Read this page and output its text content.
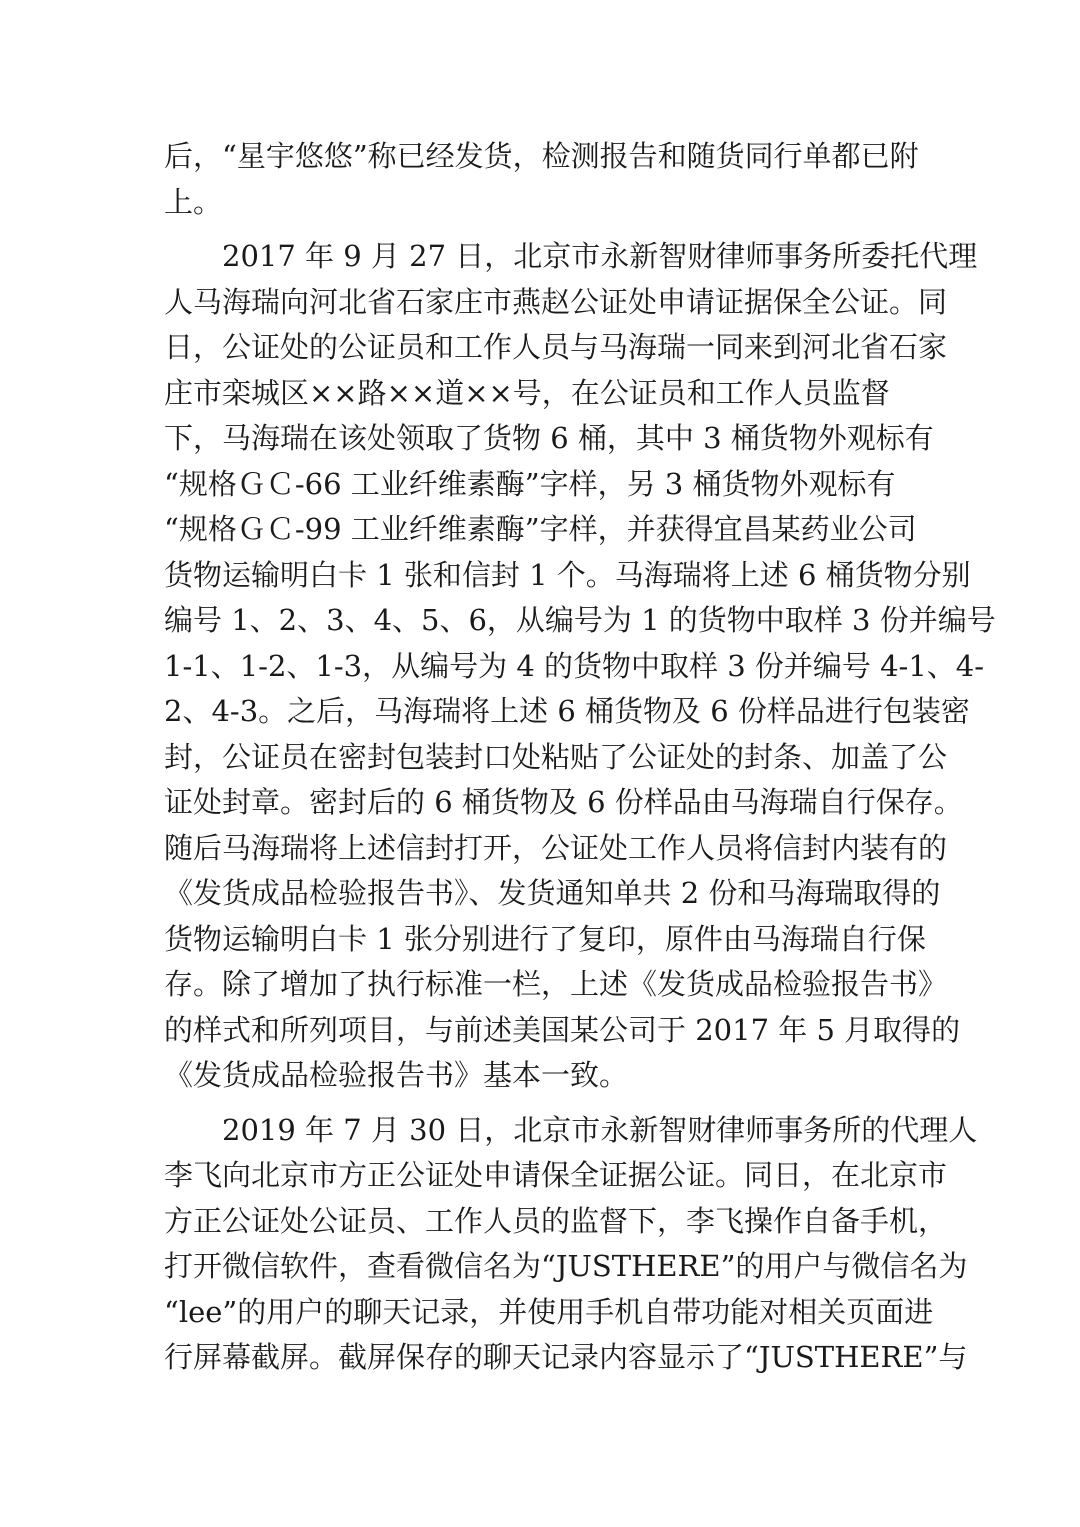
后，“星宇悠悠”称已经发货，检测报告和随货同行单都已附
上。
　　2017 年 9 月 27 日，北京市永新智财律师事务所委托代理
人马海瑞向河北省石家庄市燕赵公证处申请证据保全公证。同
日，公证处的公证员和工作人员与马海瑞一同来到河北省石家
庄市栾城区××路××道××号，在公证员和工作人员监督
下，马海瑞在该处领取了货物 6 桶，其中 3 桶货物外观标有
“规格ＧＣ-66 工业纤维素酶”字样，另 3 桶货物外观标有
“规格ＧＣ-99 工业纤维素酶”字样，并获得宜昌某药业公司
货物运输明白卡 1 张和信封 1 个。马海瑞将上述 6 桶货物分别
编号 1、2、3、4、5、6，从编号为 1 的货物中取样 3 份并编号
1-1、1-2、1-3，从编号为 4 的货物中取样 3 份并编号 4-1、4-
2、4-3。之后，马海瑞将上述 6 桶货物及 6 份样品进行包装密
封，公证员在密封包装封口处粘贴了公证处的封条、加盖了公
证处封章。密封后的 6 桶货物及 6 份样品由马海瑞自行保存。
随后马海瑞将上述信封打开，公证处工作人员将信封内装有的
《发货成品检验报告书》、发货通知单共 2 份和马海瑞取得的
货物运输明白卡 1 张分别进行了复印，原件由马海瑞自行保
存。除了增加了执行标准一栏，上述《发货成品检验报告书》
的样式和所列项目，与前述美国某公司于 2017 年 5 月取得的
《发货成品检验报告书》基本一致。
　　2019 年 7 月 30 日，北京市永新智财律师事务所的代理人
李飞向北京市方正公证处申请保全证据公证。同日，在北京市
方正公证处公证员、工作人员的监督下，李飞操作自备手机，
打开微信软件，查看微信名为“JUSTHERE”的用户与微信名为
“lee”的用户的聊天记录，并使用手机自带功能对相关页面进
行屏幕截屏。截屏保存的聊天记录内容显示了“JUSTHERE”与
